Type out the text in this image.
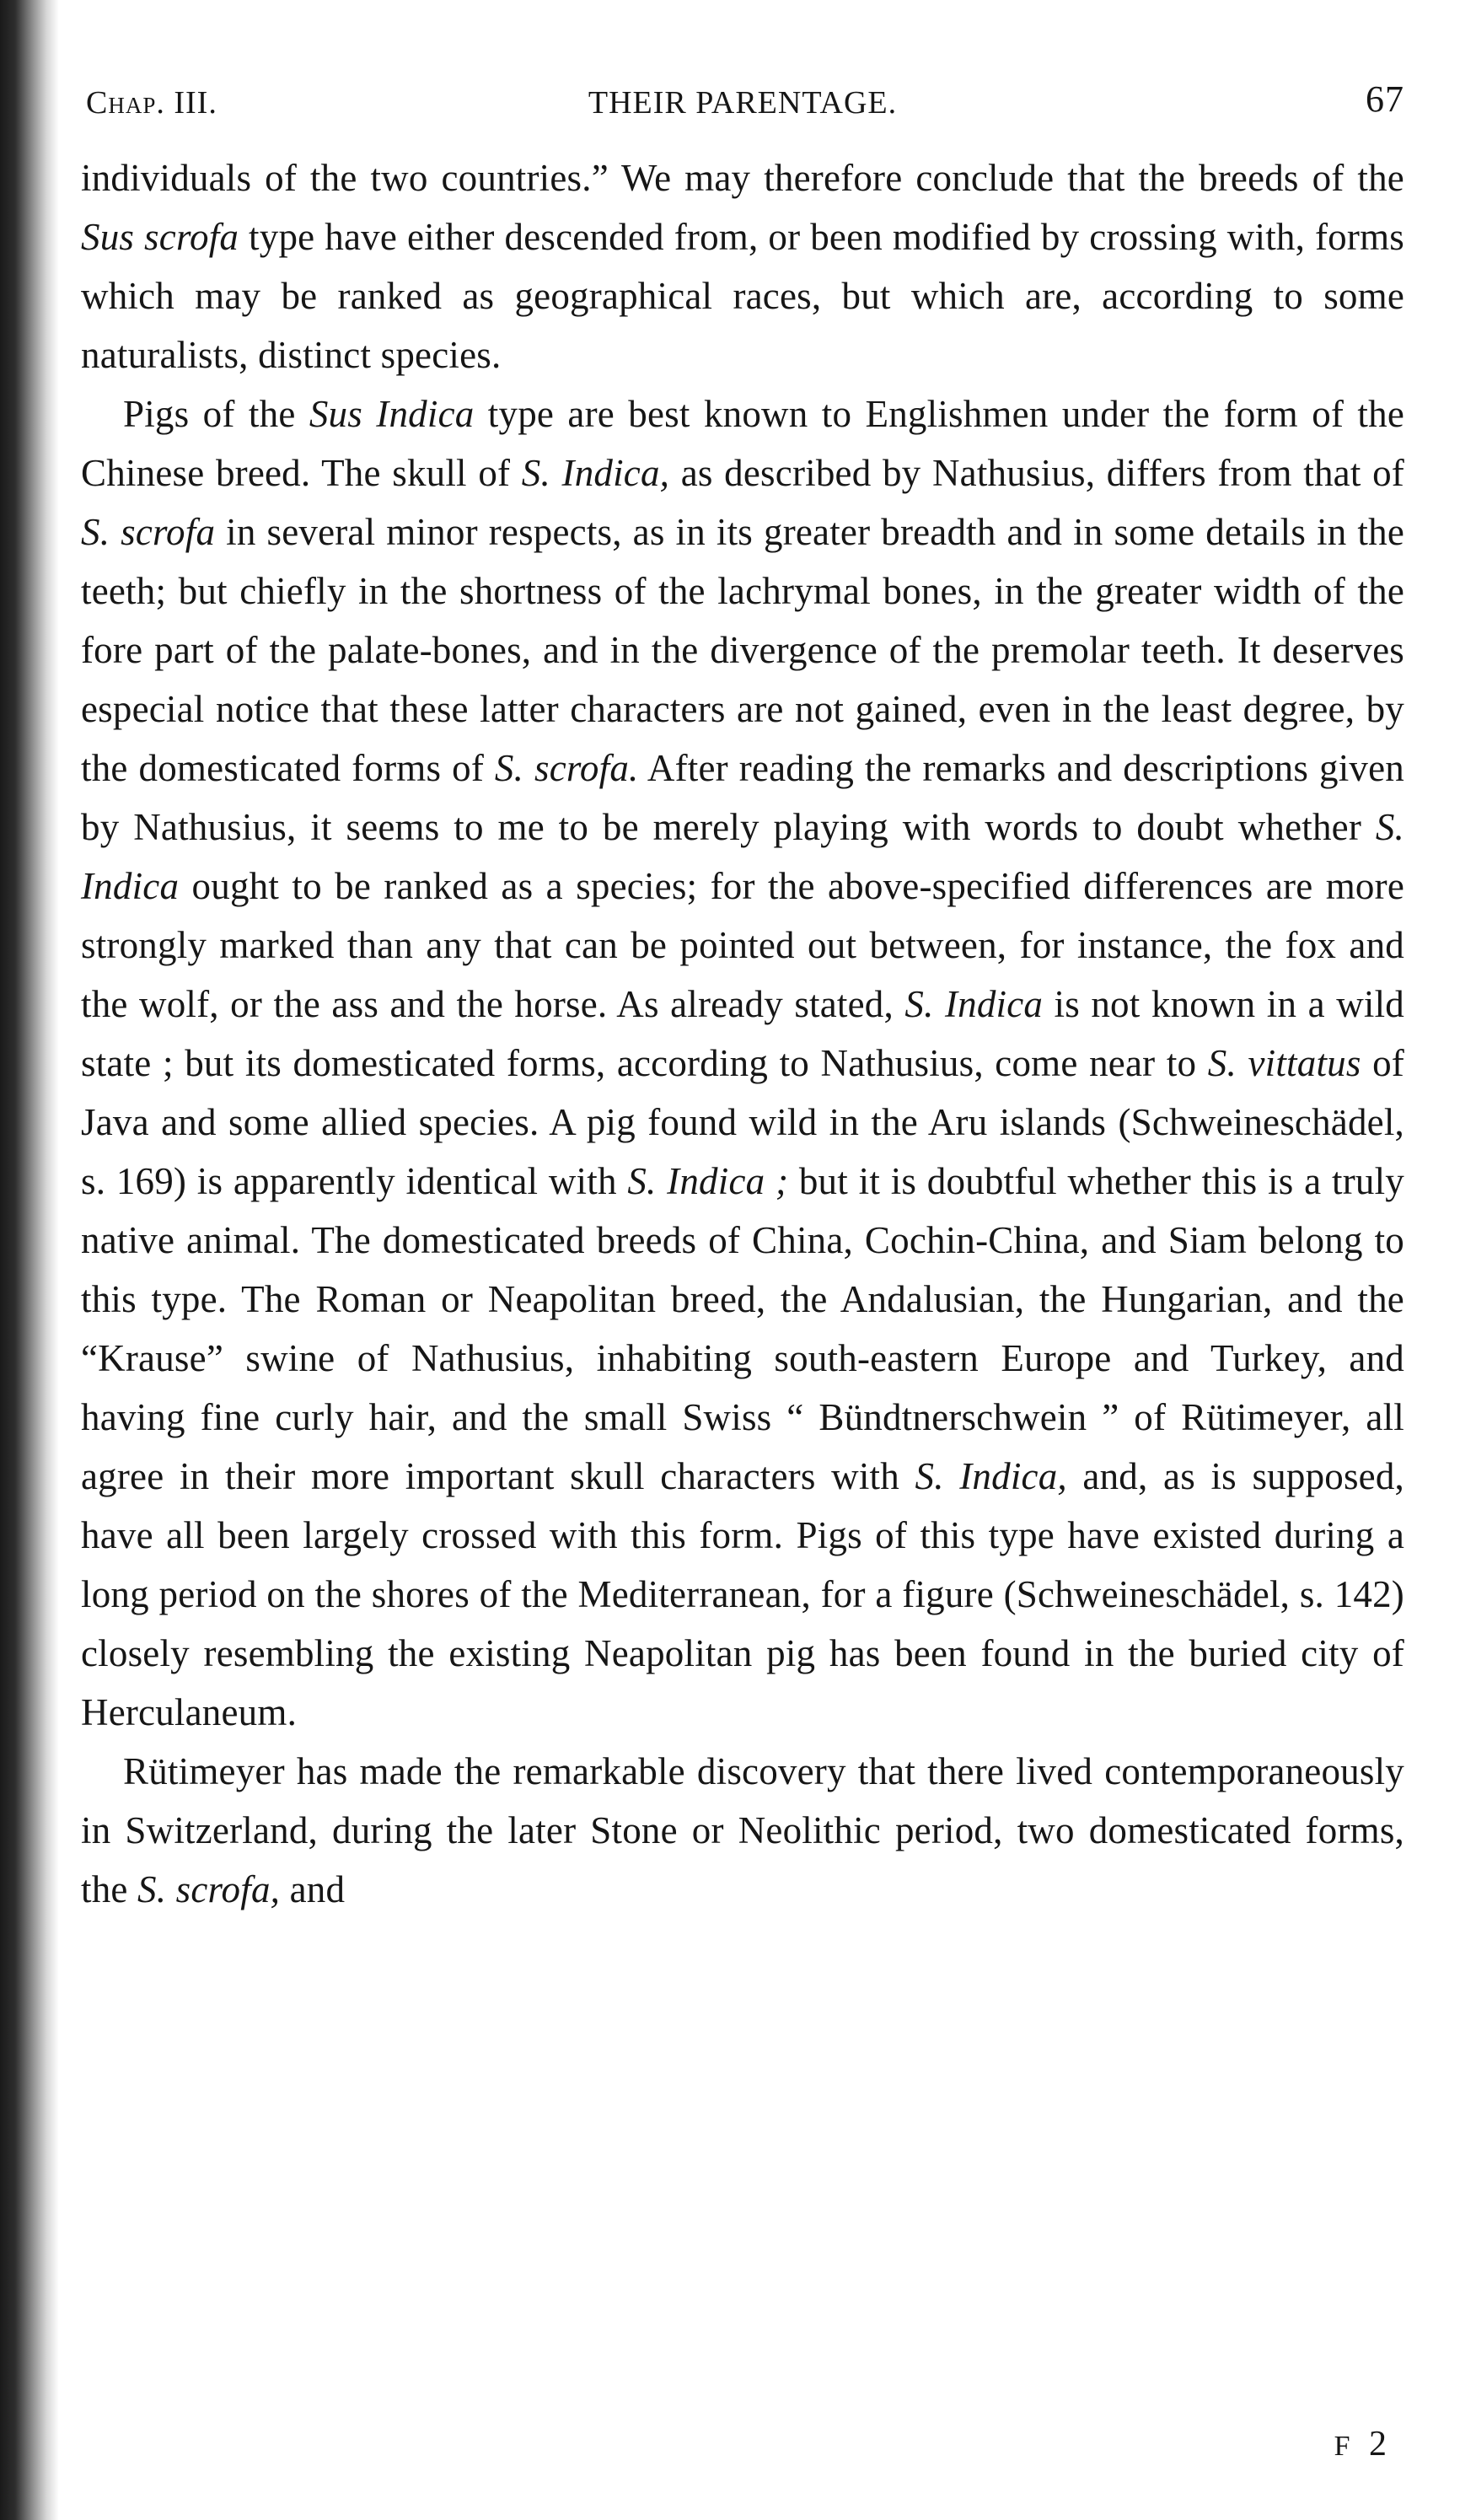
Chap. III.	THEIR PARENTAGE.	67

individuals of the two countries.” We may therefore conclude that the breeds of the Sus scrofa type have either descended from, or been modified by crossing with, forms which may be ranked as geographical races, but which are, according to some naturalists, distinct species.

Pigs of the Sus Indica type are best known to Englishmen under the form of the Chinese breed. The skull of S. Indica, as described by Nathusius, differs from that of S. scrofa in several minor respects, as in its greater breadth and in some details in the teeth; but chiefly in the shortness of the lachrymal bones, in the greater width of the fore part of the palate-bones, and in the divergence of the premolar teeth. It deserves especial notice that these latter characters are not gained, even in the least degree, by the domesticated forms of S. scrofa. After reading the remarks and descriptions given by Nathusius, it seems to me to be merely playing with words to doubt whether S. Indica ought to be ranked as a species; for the above-specified differences are more strongly marked than any that can be pointed out between, for instance, the fox and the wolf, or the ass and the horse. As already stated, S. Indica is not known in a wild state ; but its domesticated forms, according to Nathusius, come near to S. vittatus of Java and some allied species. A pig found wild in the Aru islands (Schweineschädel, s. 169) is apparently identical with S. Indica ; but it is doubtful whether this is a truly native animal. The domesticated breeds of China, Cochin-China, and Siam belong to this type. The Roman or Neapolitan breed, the Andalusian, the Hungarian, and the “Krause” swine of Nathusius, inhabiting south-eastern Europe and Turkey, and having fine curly hair, and the small Swiss “ Bündtnerschwein ” of Rütimeyer, all agree in their more important skull characters with S. Indica, and, as is supposed, have all been largely crossed with this form. Pigs of this type have existed during a long period on the shores of the Mediterranean, for a figure (Schweineschädel, s. 142) closely resembling the existing Neapolitan pig has been found in the buried city of Herculaneum.

Rütimeyer has made the remarkable discovery that there lived contemporaneously in Switzerland, during the later Stone or Neolithic period, two domesticated forms, the S. scrofa, and

F 2
